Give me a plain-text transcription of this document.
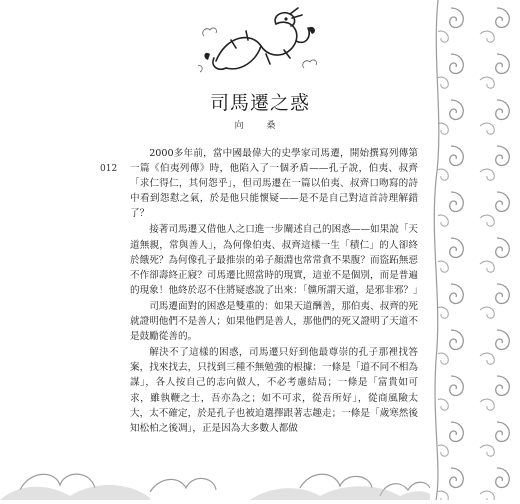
司馬遷之惑
向 桑
012

2000多年前，當中國最偉大的史學家司馬遷，開始撰寫列傳第一篇《伯夷列傳》時，他陷入了一個矛盾——孔子說，伯夷、叔齊「求仁得仁，其何怨乎」，但司馬遷在一篇以伯夷、叔齊口吻寫的詩中看到怨懟之氣，於是他只能懷疑——是不是自己對這首詩理解錯了？

接著司馬遷又借他人之口進一步闡述自己的困惑——如果說「天道無親，常與善人」，為何像伯夷、叔齊這樣一生「積仁」的人卻終於餓死？為何像孔子最推崇的弟子顏淵也常常貪不果腹？而盜跖無惡不作卻壽終正寢？司馬遷比照當時的現實，這並不是個別，而是普遍的現象！他終於忍不住將疑惑說了出來：「儻所謂天道，是邪非邪？」

司馬遷面對的困惑是雙重的：如果天道酬善，那伯夷、叔齊的死就證明他們不是善人；如果他們是善人，那他們的死又證明了天道不是鼓勵從善的。

解決不了這樣的困惑，司馬遷只好到他最尊崇的孔子那裡找答案，找來找去，只找到三種不無勉強的根據：一條是「道不同不相為謀」，各人按自己的志向做人，不必考慮結局；一條是「富貴如可求，雖執鞭之士，吾亦為之；如不可求，從吾所好」，從商風險太大，太不確定，於是孔子也被迫選擇跟著志趣走；一條是「歲寒然後知松柏之後凋」，正是因為大多數人都做
